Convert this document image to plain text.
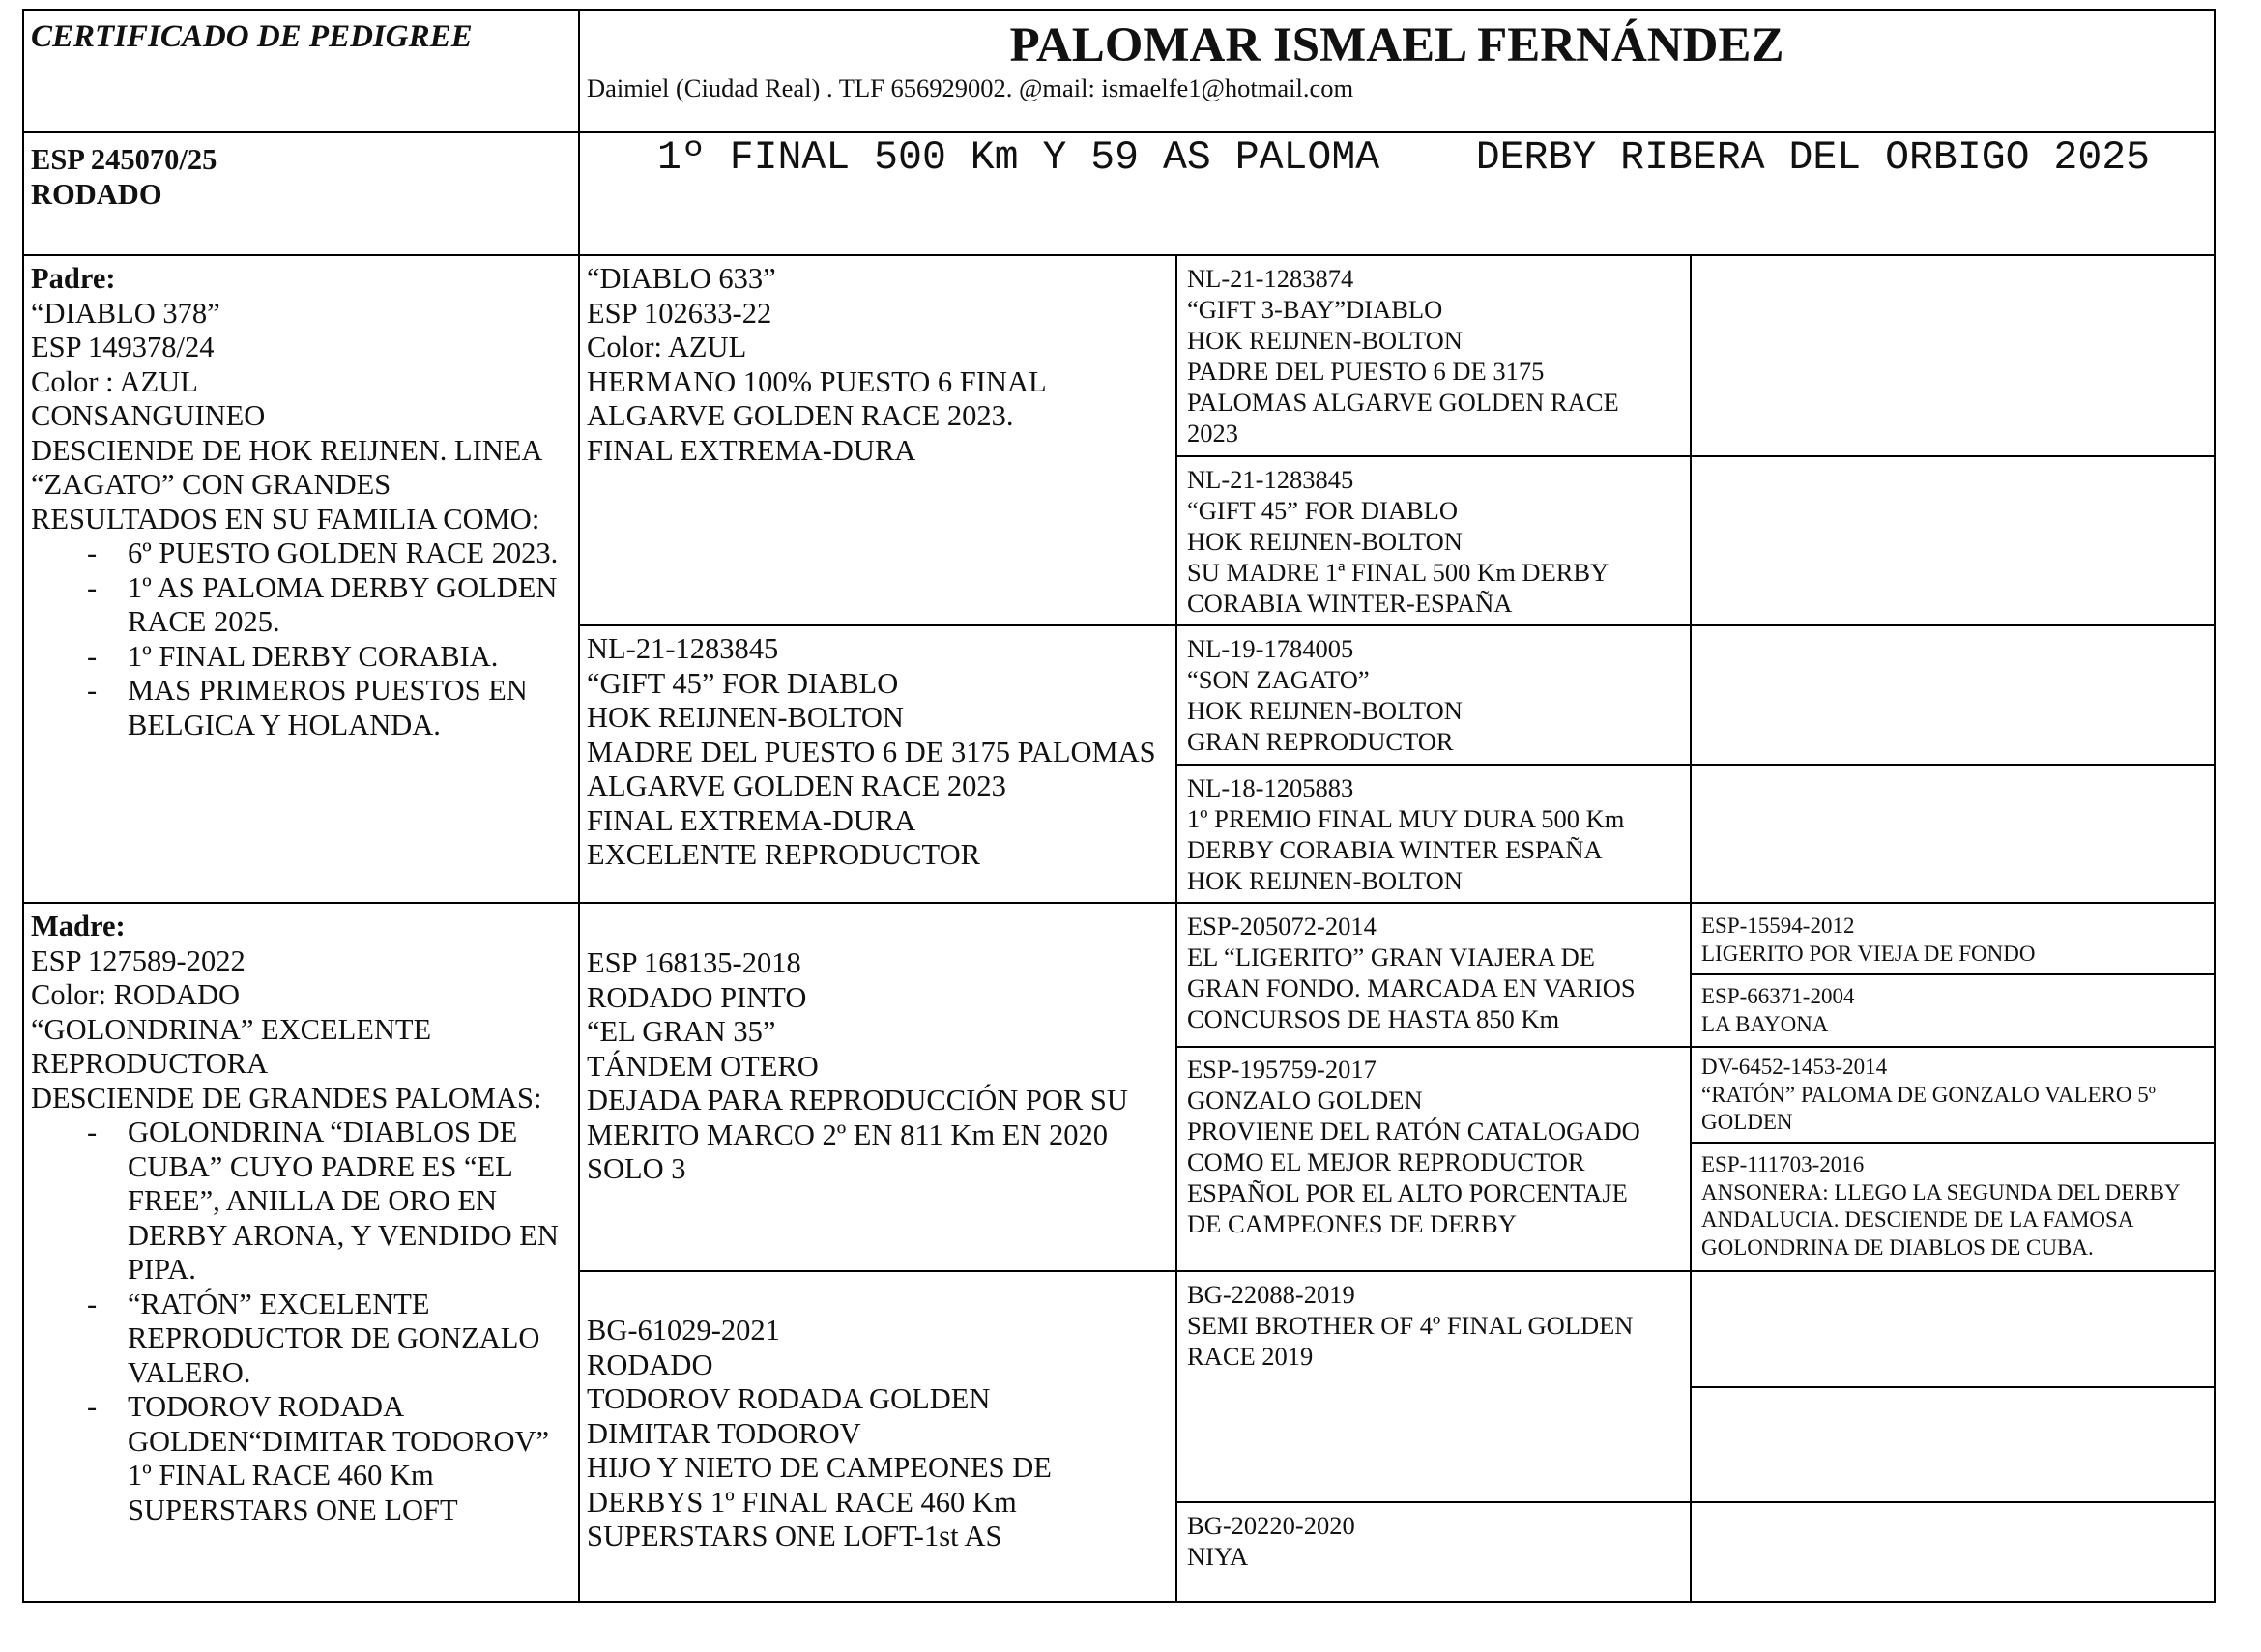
CERTIFICADO DE PEDIGREE	PALOMAR ISMAEL FERNÁNDEZ
Daimiel (Ciudad Real) . TLF 656929002. @mail: ismaelfe1@hotmail.com
ESP 245070/25
RODADO
1º FINAL 500 Km Y 59 AS PALOMA    DERBY RIBERA DEL ORBIGO 2025
Padre:
“DIABLO 378”
ESP 149378/24
Color : AZUL
CONSANGUINEO
DESCIENDE DE HOK REIJNEN. LINEA
“ZAGATO” CON GRANDES
RESULTADOS EN SU FAMILIA COMO:
- 6º PUESTO GOLDEN RACE 2023.
- 1º AS PALOMA DERBY GOLDEN
RACE 2025.
- 1º FINAL DERBY CORABIA.
- MAS PRIMEROS PUESTOS EN
BELGICA Y HOLANDA.
Madre:
ESP 127589-2022
Color: RODADO
“GOLONDRINA” EXCELENTE
REPRODUCTORA
DESCIENDE DE GRANDES PALOMAS:
- GOLONDRINA “DIABLOS DE
CUBA” CUYO PADRE ES “EL
FREE”, ANILLA DE ORO EN
DERBY ARONA, Y VENDIDO EN
PIPA.
- “RATÓN” EXCELENTE
REPRODUCTOR DE GONZALO
VALERO.
- TODOROV RODADA
GOLDEN“DIMITAR TODOROV”
1º FINAL RACE 460 Km
SUPERSTARS ONE LOFT
“DIABLO 633”
ESP 102633-22
Color: AZUL
HERMANO 100% PUESTO 6 FINAL
ALGARVE GOLDEN RACE 2023.
FINAL EXTREMA-DURA
NL-21-1283845
“GIFT 45” FOR DIABLO
HOK REIJNEN-BOLTON
MADRE DEL PUESTO 6 DE 3175 PALOMAS
ALGARVE GOLDEN RACE 2023
FINAL EXTREMA-DURA
EXCELENTE REPRODUCTOR
ESP 168135-2018
RODADO PINTO
“EL GRAN 35”
TÁNDEM OTERO
DEJADA PARA REPRODUCCIÓN POR SU
MERITO MARCO 2º EN 811 Km EN 2020
SOLO 3
BG-61029-2021
RODADO
TODOROV RODADA GOLDEN
DIMITAR TODOROV
HIJO Y NIETO DE CAMPEONES DE
DERBYS 1º FINAL RACE 460 Km
SUPERSTARS ONE LOFT-1st AS
NL-21-1283874
“GIFT 3-BAY”DIABLO
HOK REIJNEN-BOLTON
PADRE DEL PUESTO 6 DE 3175
PALOMAS ALGARVE GOLDEN RACE
2023
NL-21-1283845
“GIFT 45” FOR DIABLO
HOK REIJNEN-BOLTON
SU MADRE 1ª FINAL 500 Km DERBY
CORABIA WINTER-ESPAÑA
NL-19-1784005
“SON ZAGATO”
HOK REIJNEN-BOLTON
GRAN REPRODUCTOR
NL-18-1205883
1º PREMIO FINAL MUY DURA 500 Km
DERBY CORABIA WINTER ESPAÑA
HOK REIJNEN-BOLTON
ESP-205072-2014
EL “LIGERITO” GRAN VIAJERA DE
GRAN FONDO. MARCADA EN VARIOS
CONCURSOS DE HASTA 850 Km
ESP-195759-2017
GONZALO GOLDEN
PROVIENE DEL RATÓN CATALOGADO
COMO EL MEJOR REPRODUCTOR
ESPAÑOL POR EL ALTO PORCENTAJE
DE CAMPEONES DE DERBY
BG-22088-2019
SEMI BROTHER OF 4º FINAL GOLDEN
RACE 2019
BG-20220-2020
NIYA
ESP-15594-2012
LIGERITO POR VIEJA DE FONDO
ESP-66371-2004
LA BAYONA
DV-6452-1453-2014
“RATÓN” PALOMA DE GONZALO VALERO 5º
GOLDEN
ESP-111703-2016
ANSONERA: LLEGO LA SEGUNDA DEL DERBY
ANDALUCIA. DESCIENDE DE LA FAMOSA
GOLONDRINA DE DIABLOS DE CUBA.
